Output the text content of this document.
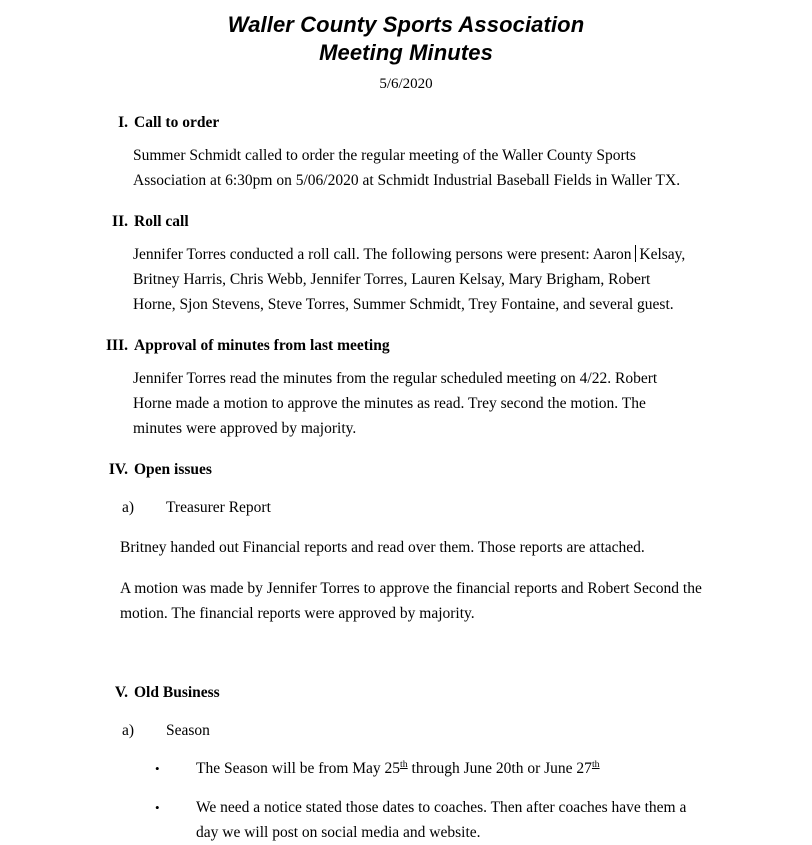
Waller County Sports Association
Meeting Minutes
5/6/2020
I. Call to order
Summer Schmidt called to order the regular meeting of the Waller County Sports Association at 6:30pm on 5/06/2020 at Schmidt Industrial Baseball Fields in Waller TX.
II. Roll call
Jennifer Torres conducted a roll call. The following persons were present: Aaron Kelsay, Britney Harris, Chris Webb, Jennifer Torres, Lauren Kelsay, Mary Brigham, Robert Horne, Sjon Stevens, Steve Torres, Summer Schmidt, Trey Fontaine, and several guest.
III. Approval of minutes from last meeting
Jennifer Torres read the minutes from the regular scheduled meeting on 4/22. Robert Horne made a motion to approve the minutes as read. Trey second the motion. The minutes were approved by majority.
IV. Open issues
a) Treasurer Report
Britney handed out Financial reports and read over them. Those reports are attached.
A motion was made by Jennifer Torres to approve the financial reports and Robert Second the motion. The financial reports were approved by majority.
V. Old Business
a) Season
• The Season will be from May 25th through June 20th or June 27th
• We need a notice stated those dates to coaches. Then after coaches have them a day we will post on social media and website.
